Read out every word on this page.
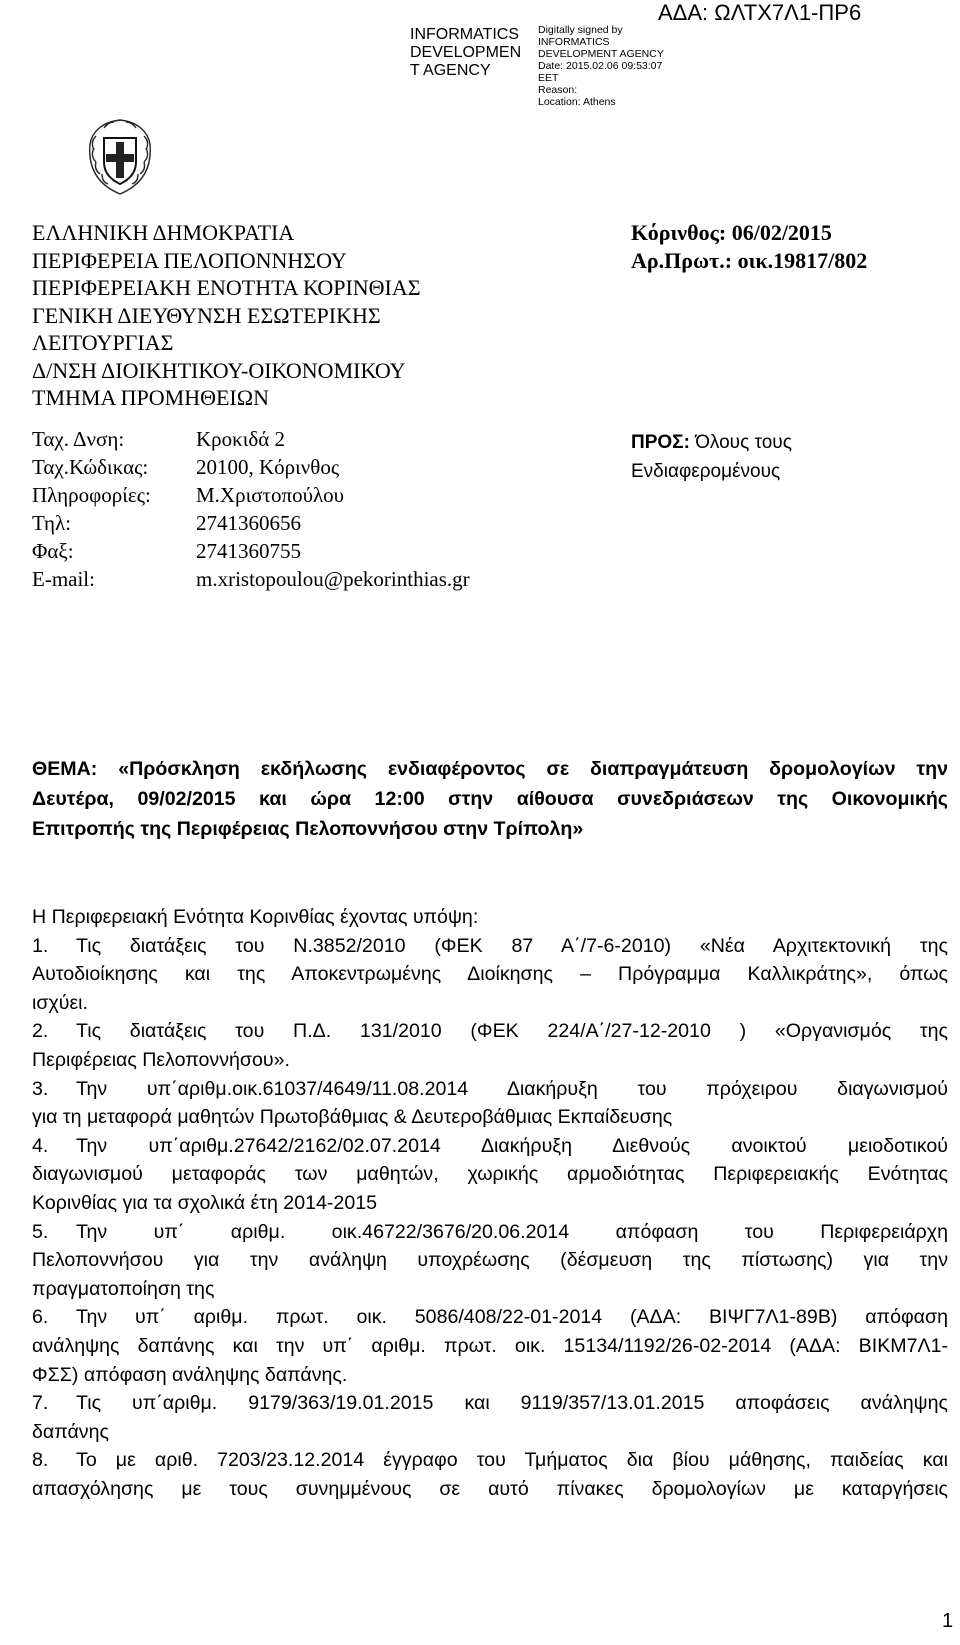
INFORMATICS
DEVELOPMEN
T AGENCY
Digitally signed by
INFORMATICS
DEVELOPMENT AGENCY
Date: 2015.02.06 09:53:07
EET
Reason:
Location: Athens
ΑΔΑ: ΩΛΤΧ7Λ1-ΠΡ6
ΕΛΛΗΝΙΚΗ ΔΗΜΟΚΡΑΤΙΑ
ΠΕΡΙΦΕΡΕΙΑ ΠΕΛΟΠΟΝΝΗΣΟΥ
ΠΕΡΙΦΕΡΕΙΑΚΗ ΕΝΟΤΗΤΑ ΚΟΡΙΝΘΙΑΣ
ΓΕΝΙΚΗ ΔΙΕΥΘΥΝΣΗ ΕΣΩΤΕΡΙΚΗΣ
ΛΕΙΤΟΥΡΓΙΑΣ
Δ/ΝΣΗ ΔΙΟΙΚΗΤΙΚΟΥ-ΟΙΚΟΝΟΜΙΚΟΥ
ΤΜΗΜΑ ΠΡΟΜΗΘΕΙΩΝ
Κόρινθος: 06/02/2015
Αρ.Πρωτ.: οικ.19817/802
Ταχ. Δνση:	Κροκιδά 2
Ταχ.Κώδικας:	20100, Κόρινθος
Πληροφορίες:	Μ.Χριστοπούλου
Τηλ:	2741360656
Φαξ:	2741360755
E-mail:	m.xristopoulou@pekorinthias.gr
ΠΡΟΣ: Όλους τους
Ενδιαφερομένους
ΘΕΜΑ: «Πρόσκληση εκδήλωσης ενδιαφέροντος σε διαπραγμάτευση δρομολογίων την
Δευτέρα, 09/02/2015 και ώρα 12:00 στην αίθουσα συνεδριάσεων της Οικονομικής
Επιτροπής της Περιφέρειας Πελοποννήσου στην Τρίπολη»
Η Περιφερειακή Ενότητα Κορινθίας έχοντας υπόψη:
1. Τις διατάξεις του Ν.3852/2010 (ΦΕΚ 87 Α΄/7-6-2010) «Νέα Αρχιτεκτονική της
Αυτοδιοίκησης και της Αποκεντρωμένης Διοίκησης – Πρόγραμμα Καλλικράτης», όπως
ισχύει.
2. Τις διατάξεις του Π.Δ. 131/2010 (ΦΕΚ 224/Α΄/27-12-2010 ) «Οργανισμός της
Περιφέρειας Πελοποννήσου».
3. Την υπ΄αριθμ.οικ.61037/4649/11.08.2014 Διακήρυξη του πρόχειρου διαγωνισμού
για τη μεταφορά μαθητών Πρωτοβάθμιας & Δευτεροβάθμιας Εκπαίδευσης
4. Την υπ΄αριθμ.27642/2162/02.07.2014 Διακήρυξη Διεθνούς ανοικτού μειοδοτικού
διαγωνισμού μεταφοράς των μαθητών, χωρικής αρμοδιότητας Περιφερειακής Ενότητας
Κορινθίας για τα σχολικά έτη 2014-2015
5. Την υπ΄ αριθμ. οικ.46722/3676/20.06.2014 απόφαση του Περιφερειάρχη
Πελοποννήσου για την ανάληψη υποχρέωσης (δέσμευση της πίστωσης) για την
πραγματοποίηση της
6. Την υπ΄ αριθμ. πρωτ. οικ. 5086/408/22-01-2014 (ΑΔΑ: ΒΙΨΓ7Λ1-89Β) απόφαση
ανάληψης δαπάνης και την υπ΄ αριθμ. πρωτ. οικ. 15134/1192/26-02-2014 (ΑΔΑ: ΒΙΚΜ7Λ1-
ΦΣΣ) απόφαση ανάληψης δαπάνης.
7. Τις υπ΄αριθμ. 9179/363/19.01.2015 και 9119/357/13.01.2015 αποφάσεις ανάληψης
δαπάνης
8. Το με αριθ. 7203/23.12.2014 έγγραφο του Τμήματος δια βίου μάθησης, παιδείας και
απασχόλησης με τους συνημμένους σε αυτό πίνακες δρομολογίων με καταργήσεις
1
